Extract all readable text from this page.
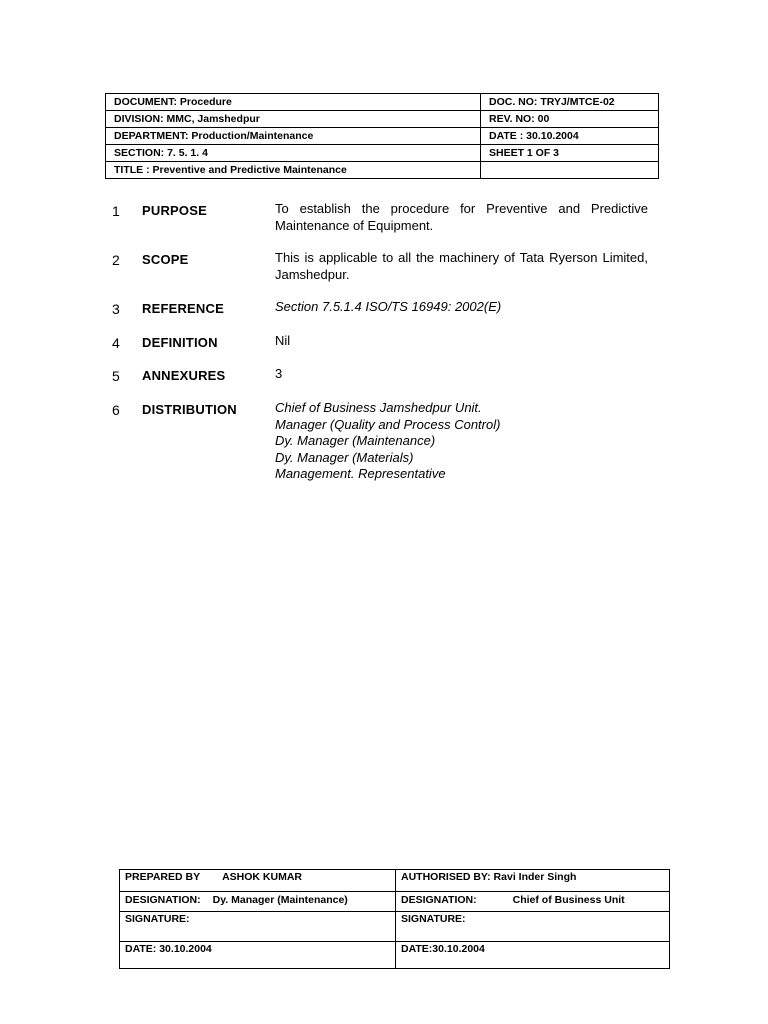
DOCUMENT: Procedure	DOC. NO: TRYJ/MTCE-02
DIVISION: MMC, Jamshedpur	REV. NO: 00
DEPARTMENT: Production/Maintenance	DATE : 30.10.2004
SECTION: 7. 5. 1. 4	SHEET 1 OF 3
TITLE : Preventive and Predictive Maintenance	
1 PURPOSE	To establish the procedure for Preventive and Predictive Maintenance of Equipment.
2 SCOPE	This is applicable to all the machinery of Tata Ryerson Limited, Jamshedpur.
3 REFERENCE	Section 7.5.1.4 ISO/TS 16949: 2002(E)
4 DEFINITION	Nil
5 ANNEXURES	3
6 DISTRIBUTION	Chief of Business Jamshedpur Unit.
Manager (Quality and Process Control)
Dy. Manager (Maintenance)
Dy. Manager (Materials)
Management. Representative
PREPARED BY ASHOK KUMAR	AUTHORISED BY: Ravi Inder Singh
DESIGNATION: Dy. Manager (Maintenance)	DESIGNATION: Chief of Business Unit
SIGNATURE:	SIGNATURE:
DATE: 30.10.2004	DATE:30.10.2004
